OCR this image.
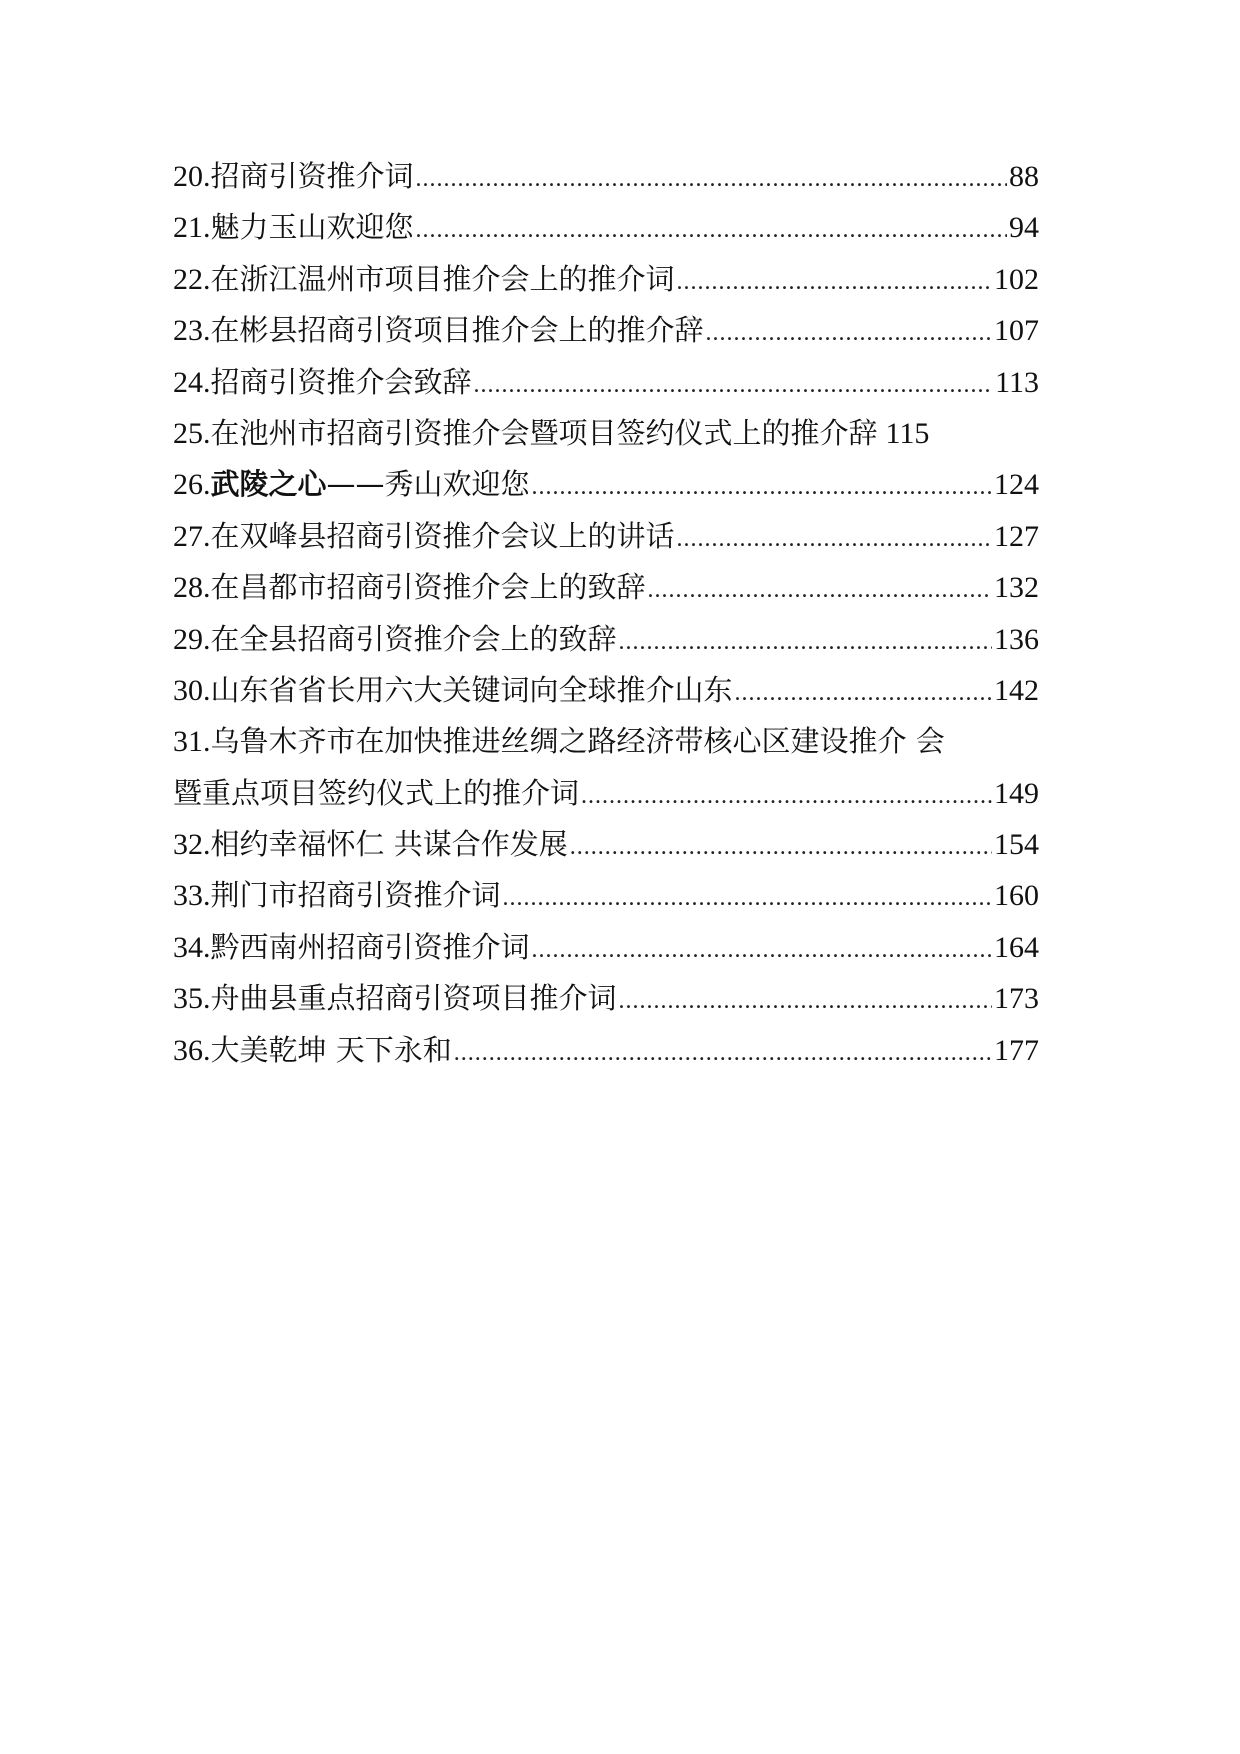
20.招商引资推介词 .....	88
21.魅力玉山欢迎您 .....	94
22.在浙江温州市项目推介会上的推介词 .....	102
23.在彬县招商引资项目推介会上的推介辞 .....	107
24.招商引资推介会致辞 .....	113
25.在池州市招商引资推介会暨项目签约仪式上的推介辞 115
26.武陵之心——秀山欢迎您 .....	124
27.在双峰县招商引资推介会议上的讲话 .....	127
28.在昌都市招商引资推介会上的致辞 .....	132
29.在全县招商引资推介会上的致辞 .....	136
30.山东省省长用六大关键词向全球推介山东 .....	142
31.乌鲁木齐市在加快推进丝绸之路经济带核心区建设推介 会
暨重点项目签约仪式上的推介词 .....	149
32.相约幸福怀仁 共谋合作发展 .....	154
33.荆门市招商引资推介词 .....	160
34.黔西南州招商引资推介词 .....	164
35.舟曲县重点招商引资项目推介词 .....	173
36.大美乾坤 天下永和 .....	177
